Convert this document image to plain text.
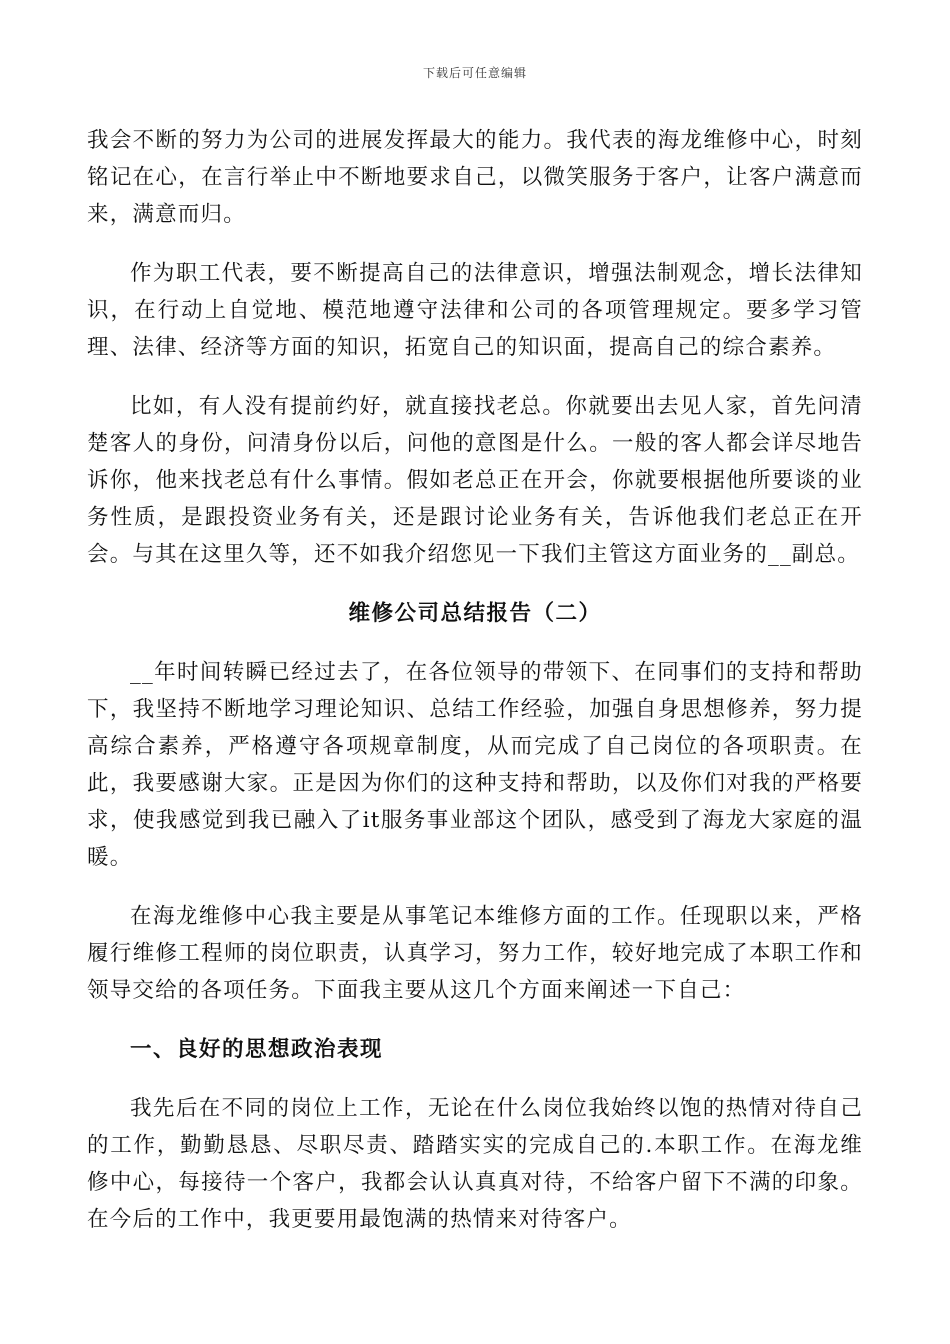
下载后可任意编辑

我会不断的努力为公司的进展发挥最大的能力。我代表的海龙维修中心，时刻铭记在心，在言行举止中不断地要求自己，以微笑服务于客户，让客户满意而来，满意而归。

作为职工代表，要不断提高自己的法律意识，增强法制观念，增长法律知识，在行动上自觉地、模范地遵守法律和公司的各项管理规定。要多学习管理、法律、经济等方面的知识，拓宽自己的知识面，提高自己的综合素养。

比如，有人没有提前约好，就直接找老总。你就要出去见人家，首先问清楚客人的身份，问清身份以后，问他的意图是什么。一般的客人都会详尽地告诉你，他来找老总有什么事情。假如老总正在开会，你就要根据他所要谈的业务性质，是跟投资业务有关，还是跟讨论业务有关，告诉他我们老总正在开会。与其在这里久等，还不如我介绍您见一下我们主管这方面业务的__副总。

维修公司总结报告（二）

__年时间转瞬已经过去了，在各位领导的带领下、在同事们的支持和帮助下，我坚持不断地学习理论知识、总结工作经验，加强自身思想修养，努力提高综合素养，严格遵守各项规章制度，从而完成了自己岗位的各项职责。在此，我要感谢大家。正是因为你们的这种支持和帮助，以及你们对我的严格要求，使我感觉到我已融入了it服务事业部这个团队，感受到了海龙大家庭的温暖。

在海龙维修中心我主要是从事笔记本维修方面的工作。任现职以来，严格履行维修工程师的岗位职责，认真学习，努力工作，较好地完成了本职工作和领导交给的各项任务。下面我主要从这几个方面来阐述一下自己：

一、良好的思想政治表现

我先后在不同的岗位上工作，无论在什么岗位我始终以饱的热情对待自己的工作，勤勤恳恳、尽职尽责、踏踏实实的完成自己的.本职工作。在海龙维修中心，每接待一个客户，我都会认认真真对待，不给客户留下不满的印象。在今后的工作中，我更要用最饱满的热情来对待客户。
